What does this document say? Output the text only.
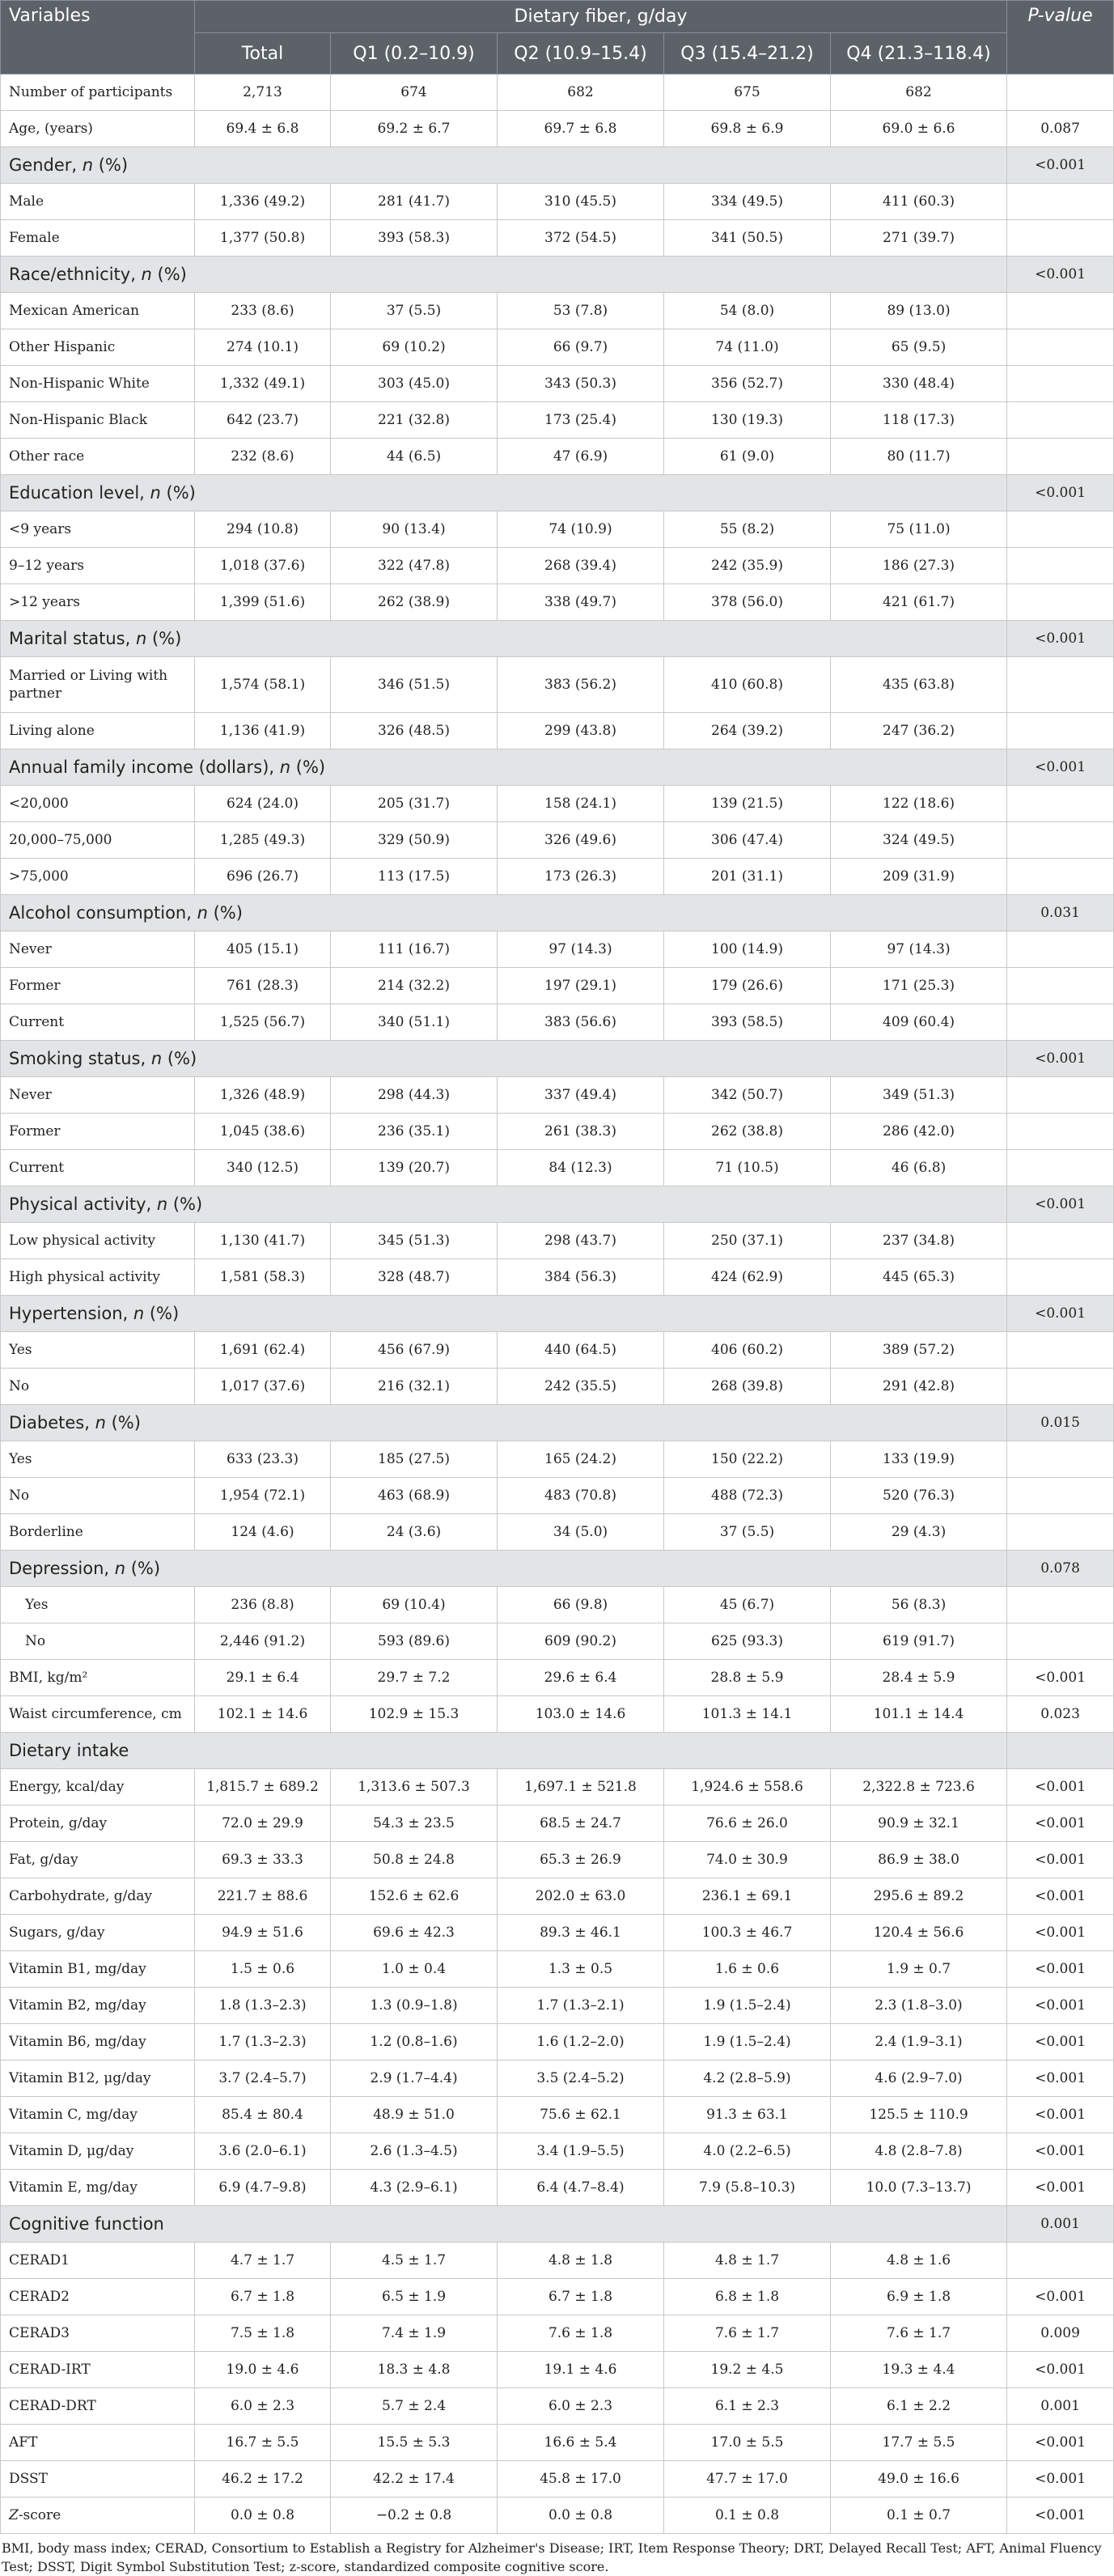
Variables	Dietary fiber, g/day					P-value
	Total	Q1 (0.2–10.9)	Q2 (10.9–15.4)	Q3 (15.4–21.2)	Q4 (21.3–118.4)	
Number of participants	2,713	674	682	675	682	
Age, (years)	69.4 ± 6.8	69.2 ± 6.7	69.7 ± 6.8	69.8 ± 6.9	69.0 ± 6.6	0.087
Gender, n (%)						<0.001
Male	1,336 (49.2)	281 (41.7)	310 (45.5)	334 (49.5)	411 (60.3)	
Female	1,377 (50.8)	393 (58.3)	372 (54.5)	341 (50.5)	271 (39.7)	
Race/ethnicity, n (%)						<0.001
Mexican American	233 (8.6)	37 (5.5)	53 (7.8)	54 (8.0)	89 (13.0)	
Other Hispanic	274 (10.1)	69 (10.2)	66 (9.7)	74 (11.0)	65 (9.5)	
Non-Hispanic White	1,332 (49.1)	303 (45.0)	343 (50.3)	356 (52.7)	330 (48.4)	
Non-Hispanic Black	642 (23.7)	221 (32.8)	173 (25.4)	130 (19.3)	118 (17.3)	
Other race	232 (8.6)	44 (6.5)	47 (6.9)	61 (9.0)	80 (11.7)	
Education level, n (%)						<0.001
<9 years	294 (10.8)	90 (13.4)	74 (10.9)	55 (8.2)	75 (11.0)	
9–12 years	1,018 (37.6)	322 (47.8)	268 (39.4)	242 (35.9)	186 (27.3)	
>12 years	1,399 (51.6)	262 (38.9)	338 (49.7)	378 (56.0)	421 (61.7)	
Marital status, n (%)						<0.001
Married or Living with partner	1,574 (58.1)	346 (51.5)	383 (56.2)	410 (60.8)	435 (63.8)	
Living alone	1,136 (41.9)	326 (48.5)	299 (43.8)	264 (39.2)	247 (36.2)	
Annual family income (dollars), n (%)						<0.001
<20,000	624 (24.0)	205 (31.7)	158 (24.1)	139 (21.5)	122 (18.6)	
20,000–75,000	1,285 (49.3)	329 (50.9)	326 (49.6)	306 (47.4)	324 (49.5)	
>75,000	696 (26.7)	113 (17.5)	173 (26.3)	201 (31.1)	209 (31.9)	
Alcohol consumption, n (%)						0.031
Never	405 (15.1)	111 (16.7)	97 (14.3)	100 (14.9)	97 (14.3)	
Former	761 (28.3)	214 (32.2)	197 (29.1)	179 (26.6)	171 (25.3)	
Current	1,525 (56.7)	340 (51.1)	383 (56.6)	393 (58.5)	409 (60.4)	
Smoking status, n (%)						<0.001
Never	1,326 (48.9)	298 (44.3)	337 (49.4)	342 (50.7)	349 (51.3)	
Former	1,045 (38.6)	236 (35.1)	261 (38.3)	262 (38.8)	286 (42.0)	
Current	340 (12.5)	139 (20.7)	84 (12.3)	71 (10.5)	46 (6.8)	
Physical activity, n (%)						<0.001
Low physical activity	1,130 (41.7)	345 (51.3)	298 (43.7)	250 (37.1)	237 (34.8)	
High physical activity	1,581 (58.3)	328 (48.7)	384 (56.3)	424 (62.9)	445 (65.3)	
Hypertension, n (%)						<0.001
Yes	1,691 (62.4)	456 (67.9)	440 (64.5)	406 (60.2)	389 (57.2)	
No	1,017 (37.6)	216 (32.1)	242 (35.5)	268 (39.8)	291 (42.8)	
Diabetes, n (%)						0.015
Yes	633 (23.3)	185 (27.5)	165 (24.2)	150 (22.2)	133 (19.9)	
No	1,954 (72.1)	463 (68.9)	483 (70.8)	488 (72.3)	520 (76.3)	
Borderline	124 (4.6)	24 (3.6)	34 (5.0)	37 (5.5)	29 (4.3)	
Depression, n (%)						0.078
Yes	236 (8.8)	69 (10.4)	66 (9.8)	45 (6.7)	56 (8.3)	
No	2,446 (91.2)	593 (89.6)	609 (90.2)	625 (93.3)	619 (91.7)	
BMI, kg/m²	29.1 ± 6.4	29.7 ± 7.2	29.6 ± 6.4	28.8 ± 5.9	28.4 ± 5.9	<0.001
Waist circumference, cm	102.1 ± 14.6	102.9 ± 15.3	103.0 ± 14.6	101.3 ± 14.1	101.1 ± 14.4	0.023
Dietary intake						
Energy, kcal/day	1,815.7 ± 689.2	1,313.6 ± 507.3	1,697.1 ± 521.8	1,924.6 ± 558.6	2,322.8 ± 723.6	<0.001
Protein, g/day	72.0 ± 29.9	54.3 ± 23.5	68.5 ± 24.7	76.6 ± 26.0	90.9 ± 32.1	<0.001
Fat, g/day	69.3 ± 33.3	50.8 ± 24.8	65.3 ± 26.9	74.0 ± 30.9	86.9 ± 38.0	<0.001
Carbohydrate, g/day	221.7 ± 88.6	152.6 ± 62.6	202.0 ± 63.0	236.1 ± 69.1	295.6 ± 89.2	<0.001
Sugars, g/day	94.9 ± 51.6	69.6 ± 42.3	89.3 ± 46.1	100.3 ± 46.7	120.4 ± 56.6	<0.001
Vitamin B1, mg/day	1.5 ± 0.6	1.0 ± 0.4	1.3 ± 0.5	1.6 ± 0.6	1.9 ± 0.7	<0.001
Vitamin B2, mg/day	1.8 (1.3–2.3)	1.3 (0.9–1.8)	1.7 (1.3–2.1)	1.9 (1.5–2.4)	2.3 (1.8–3.0)	<0.001
Vitamin B6, mg/day	1.7 (1.3–2.3)	1.2 (0.8–1.6)	1.6 (1.2–2.0)	1.9 (1.5–2.4)	2.4 (1.9–3.1)	<0.001
Vitamin B12, μg/day	3.7 (2.4–5.7)	2.9 (1.7–4.4)	3.5 (2.4–5.2)	4.2 (2.8–5.9)	4.6 (2.9–7.0)	<0.001
Vitamin C, mg/day	85.4 ± 80.4	48.9 ± 51.0	75.6 ± 62.1	91.3 ± 63.1	125.5 ± 110.9	<0.001
Vitamin D, μg/day	3.6 (2.0–6.1)	2.6 (1.3–4.5)	3.4 (1.9–5.5)	4.0 (2.2–6.5)	4.8 (2.8–7.8)	<0.001
Vitamin E, mg/day	6.9 (4.7–9.8)	4.3 (2.9–6.1)	6.4 (4.7–8.4)	7.9 (5.8–10.3)	10.0 (7.3–13.7)	<0.001
Cognitive function						0.001
CERAD1	4.7 ± 1.7	4.5 ± 1.7	4.8 ± 1.8	4.8 ± 1.7	4.8 ± 1.6	
CERAD2	6.7 ± 1.8	6.5 ± 1.9	6.7 ± 1.8	6.8 ± 1.8	6.9 ± 1.8	<0.001
CERAD3	7.5 ± 1.8	7.4 ± 1.9	7.6 ± 1.8	7.6 ± 1.7	7.6 ± 1.7	0.009
CERAD-IRT	19.0 ± 4.6	18.3 ± 4.8	19.1 ± 4.6	19.2 ± 4.5	19.3 ± 4.4	<0.001
CERAD-DRT	6.0 ± 2.3	5.7 ± 2.4	6.0 ± 2.3	6.1 ± 2.3	6.1 ± 2.2	0.001
AFT	16.7 ± 5.5	15.5 ± 5.3	16.6 ± 5.4	17.0 ± 5.5	17.7 ± 5.5	<0.001
DSST	46.2 ± 17.2	42.2 ± 17.4	45.8 ± 17.0	47.7 ± 17.0	49.0 ± 16.6	<0.001
Z-score	0.0 ± 0.8	−0.2 ± 0.8	0.0 ± 0.8	0.1 ± 0.8	0.1 ± 0.7	<0.001
BMI, body mass index; CERAD, Consortium to Establish a Registry for Alzheimer's Disease; IRT, Item Response Theory; DRT, Delayed Recall Test; AFT, Animal Fluency Test; DSST, Digit Symbol Substitution Test; z-score, standardized composite cognitive score.
